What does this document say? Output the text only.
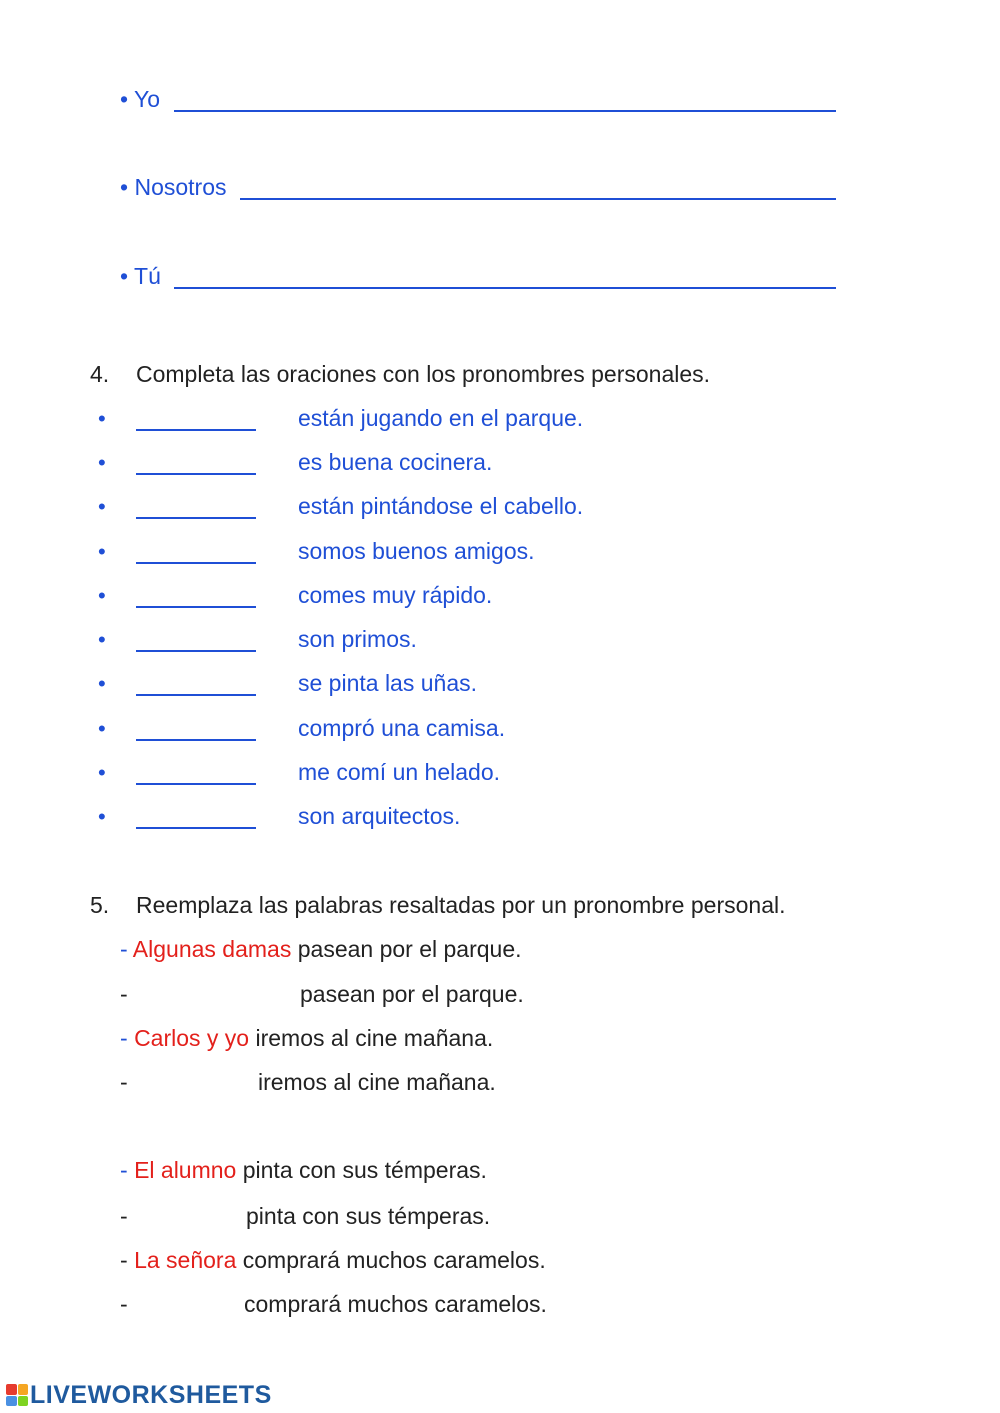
• Yo
• Nosotros
• Tú
4. Completa las oraciones con los pronombres personales.
•	están jugando en el parque.
•	es buena cocinera.
•	están pintándose el cabello.
•	somos buenos amigos.
•	comes muy rápido.
•	son primos.
•	se pinta las uñas.
•	compró una camisa.
•	me comí un helado.
•	son arquitectos.
5. Reemplaza las palabras resaltadas por un pronombre personal.
- Algunas damas pasean por el parque.
-	pasean por el parque.
- Carlos y yo iremos al cine mañana.
-	iremos al cine mañana.
- El alumno pinta con sus témperas.
-	pinta con sus témperas.
- La señora comprará muchos caramelos.
-	comprará muchos caramelos.
LIVEWORKSHEETS
